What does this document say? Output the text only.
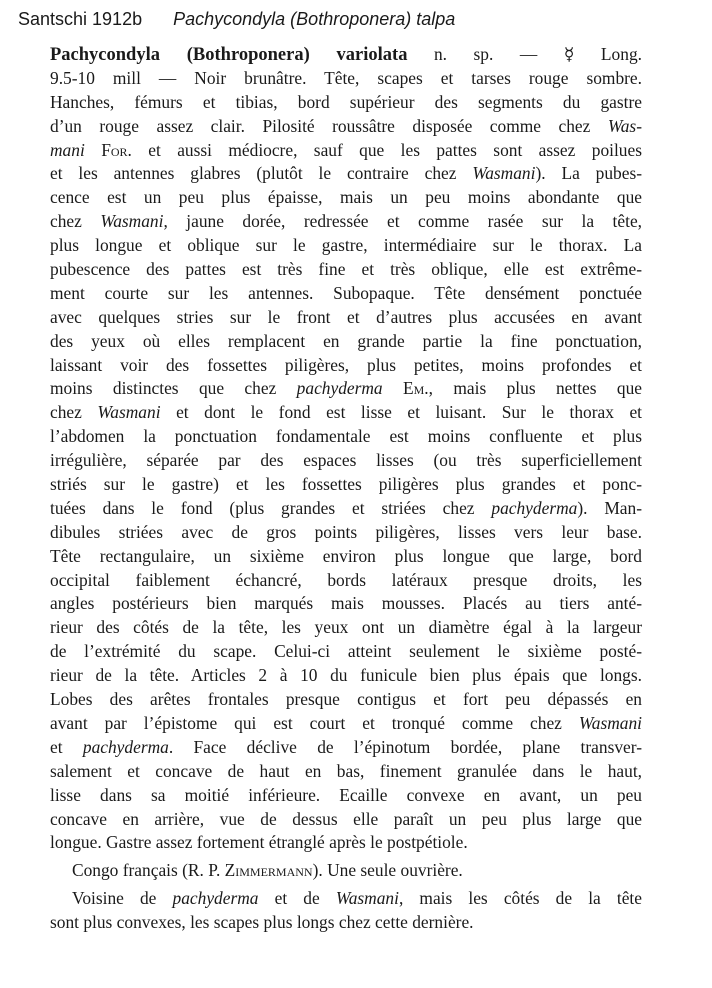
Santschi 1912b Pachycondyla (Bothroponera) talpa
Pachycondyla (Bothroponera) variolata n. sp. — ☿ Long.
9.5-10 mill — Noir brunâtre. Tête, scapes et tarses rouge sombre.
Hanches, fémurs et tibias, bord supérieur des segments du gastre
d’un rouge assez clair. Pilosité roussâtre disposée comme chez Was-
mani For. et aussi médiocre, sauf que les pattes sont assez poilues
et les antennes glabres (plutôt le contraire chez Wasmani). La pubes-
cence est un peu plus épaisse, mais un peu moins abondante que
chez Wasmani, jaune dorée, redressée et comme rasée sur la tête,
plus longue et oblique sur le gastre, intermédiaire sur le thorax. La
pubescence des pattes est très fine et très oblique, elle est extrême-
ment courte sur les antennes. Subopaque. Tête densément ponctuée
avec quelques stries sur le front et d’autres plus accusées en avant
des yeux où elles remplacent en grande partie la fine ponctuation,
laissant voir des fossettes piligères, plus petites, moins profondes et
moins distinctes que chez pachyderma Em., mais plus nettes que
chez Wasmani et dont le fond est lisse et luisant. Sur le thorax et
l’abdomen la ponctuation fondamentale est moins confluente et plus
irrégulière, séparée par des espaces lisses (ou très superficiellement
striés sur le gastre) et les fossettes piligères plus grandes et ponc-
tuées dans le fond (plus grandes et striées chez pachyderma). Man-
dibules striées avec de gros points piligères, lisses vers leur base.
Tête rectangulaire, un sixième environ plus longue que large, bord
occipital faiblement échancré, bords latéraux presque droits, les
angles postérieurs bien marqués mais mousses. Placés au tiers anté-
rieur des côtés de la tête, les yeux ont un diamètre égal à la largeur
de l’extrémité du scape. Celui-ci atteint seulement le sixième posté-
rieur de la tête. Articles 2 à 10 du funicule bien plus épais que longs.
Lobes des arêtes frontales presque contigus et fort peu dépassés en
avant par l’épistome qui est court et tronqué comme chez Wasmani
et pachyderma. Face déclive de l’épinotum bordée, plane transver-
salement et concave de haut en bas, finement granulée dans le haut,
lisse dans sa moitié inférieure. Ecaille convexe en avant, un peu
concave en arrière, vue de dessus elle paraît un peu plus large que
longue. Gastre assez fortement étranglé après le postpétiole.
Congo français (R. P. Zimmermann). Une seule ouvrière.
Voisine de pachyderma et de Wasmani, mais les côtés de la tête
sont plus convexes, les scapes plus longs chez cette dernière.
